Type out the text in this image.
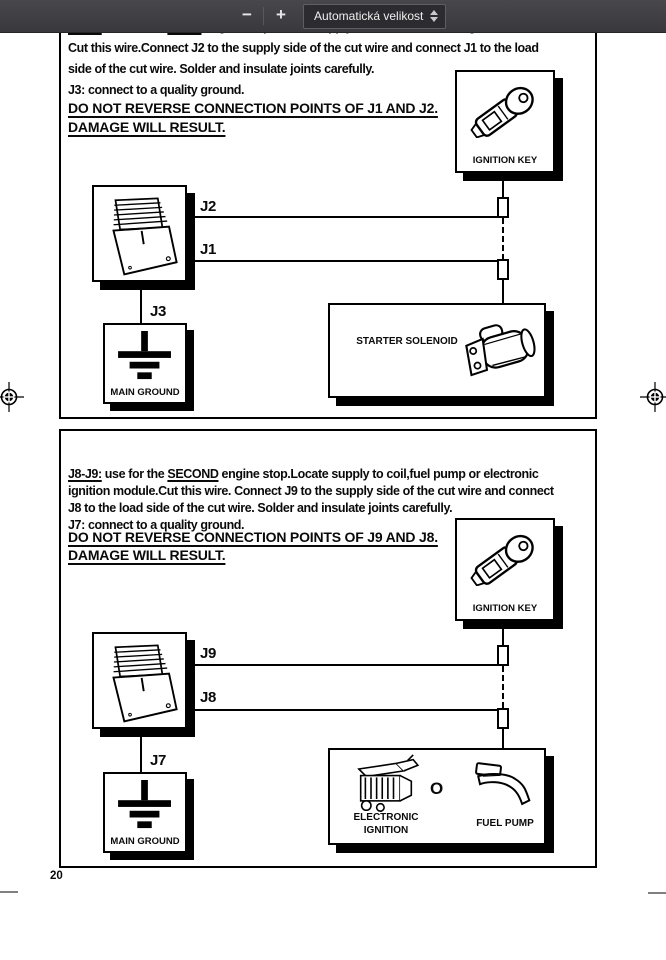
Cut this wire.Connect J2 to the supply side of the cut wire and connect J1 to the load
side of the cut wire. Solder and insulate joints carefully.
J3: connect to a quality ground.
DO NOT REVERSE CONNECTION POINTS OF J1 AND J2.
DAMAGE WILL RESULT.
IGNITION KEY
J2
J1
J3
MAIN GROUND
STARTER SOLENOID
J8-J9: use for the SECOND engine stop.Locate supply to coil,fuel pump or electronic
ignition module.Cut this wire. Connect J9 to the supply side of the cut wire and connect
J8 to the load side of the cut wire. Solder and insulate joints carefully.
J7: connect to a quality ground.
DO NOT REVERSE CONNECTION POINTS OF J9 AND J8.
DAMAGE WILL RESULT.
IGNITION KEY
J9
J8
J7
MAIN GROUND
ELECTRONIC IGNITION
O
FUEL PUMP
20
−	+	Automatická velikost
